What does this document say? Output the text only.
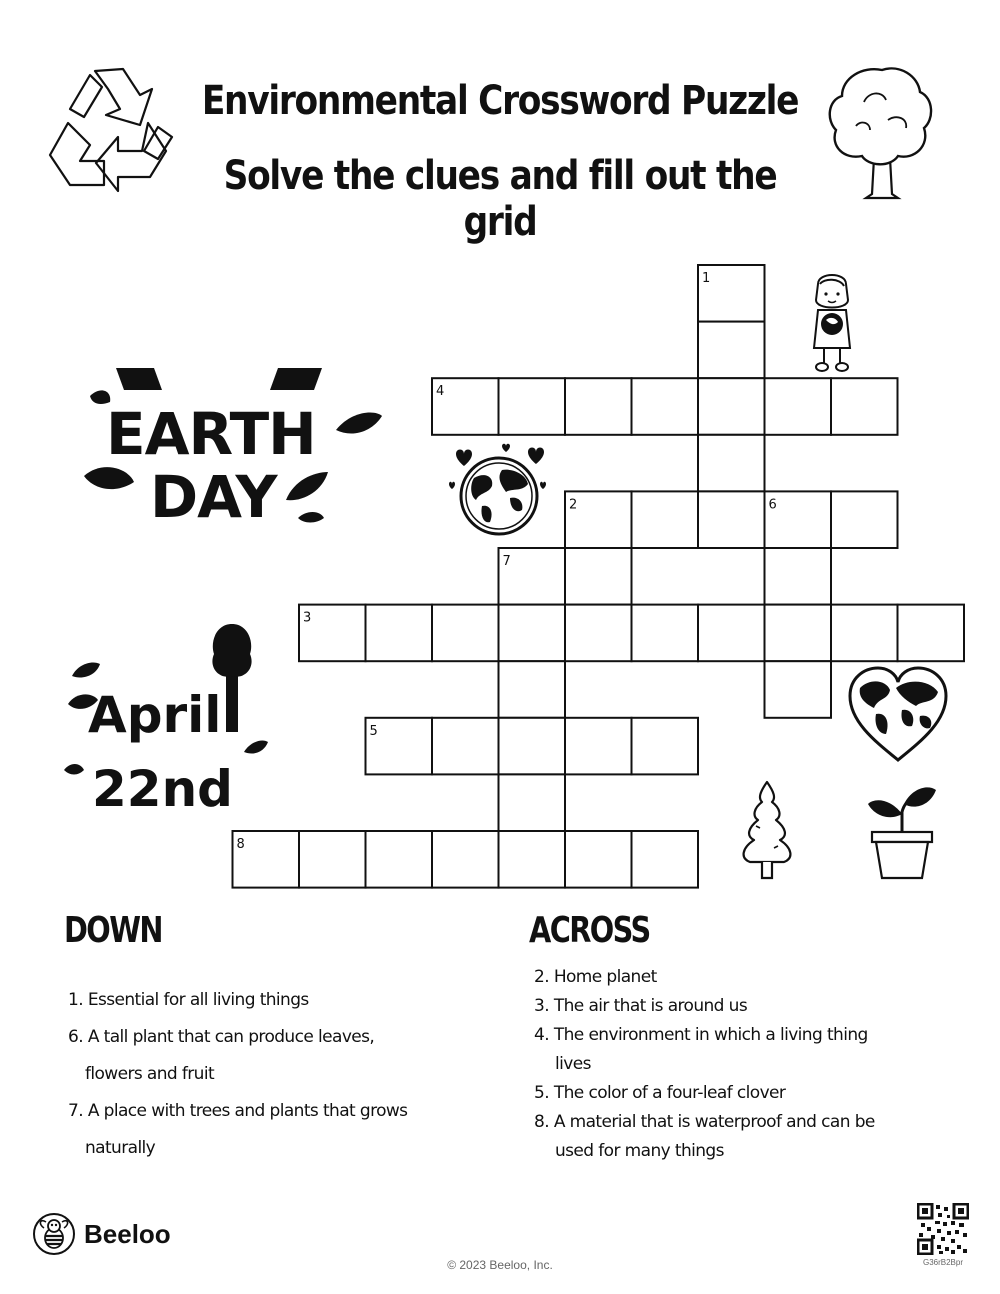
Environmental Crossword Puzzle
Solve the clues and fill out the grid
EARTH
DAY
1
2
3
4
5
6
7
8
April
22nd
DOWN
1. Essential for all living things
6. A tall plant that can produce leaves, flowers and fruit
7. A place with trees and plants that grows naturally
ACROSS
2. Home planet
3. The air that is around us
4. The environment in which a living thing lives
5. The color of a four-leaf clover
8. A material that is waterproof and can be used for many things
Beeloo
© 2023 Beeloo, Inc.	G36rB2Bpr
